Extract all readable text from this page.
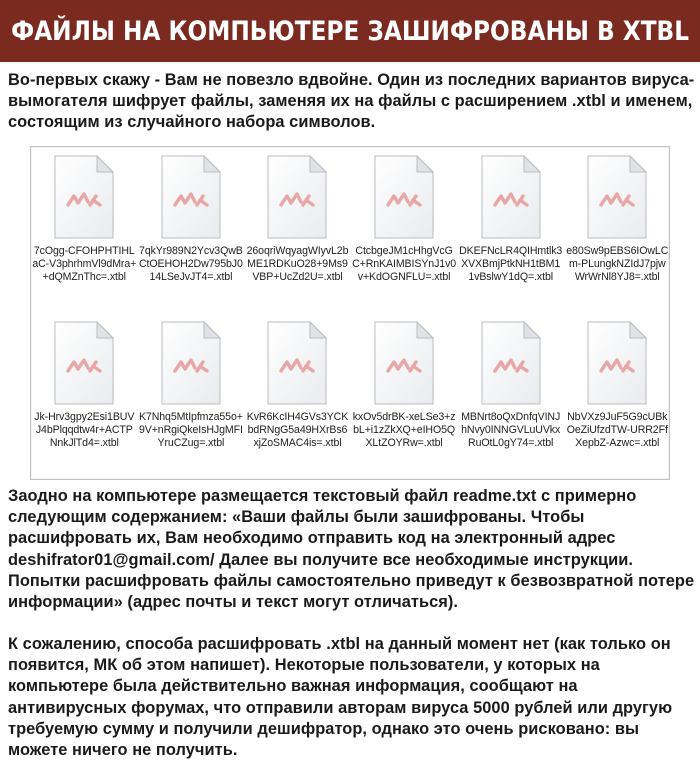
ФАЙЛЫ НА КОМПЬЮТЕРЕ ЗАШИФРОВАНЫ В XTBL
Во-первых скажу - Вам не повезло вдвойне. Один из последних вариантов вируса-вымогателя шифрует файлы, заменяя их на файлы с расширением .xtbl и именем, состоящим из случайного набора символов.
7cOgg-CFOHPHTIHLaC-V3phrhmVl9dMra++dQMZnThc=.xtbl
7qkYr989N2Ycv3QwBCtOEHOH2Dw795bJ014LSeJvJT4=.xtbl
26oqriWqyagWIyvL2bME1RDKuO28+9Ms9VBP+UcZd2U=.xtbl
CtcbgeJM1cHhgVcGC+RnKAIMBISYnJ1v0v+KdOGNFLU=.xtbl
DKEFNcLR4QIHmtlk3XVXBmjPtkNH1tBM11vBslwY1dQ=.xtbl
e80Sw9pEBS6IOwLCm-PLungkNZIdJ7pjwWrWrNl8YJ8=.xtbl
Jk-Hrv3gpy2Esi1BUVJ4bPlqqdtw4r+ACTPNnkJlTd4=.xtbl
K7Nhq5MtIpfmza55o+9V+nRgiQkeIsHJgMFIYruCZug=.xtbl
KvR6KcIH4GVs3YCKbdRNgG5a49HXrBs6xjZoSMAC4is=.xtbl
kxOv5drBK-xeLSe3+zbL+i1zZkXQ+eIHO5QXLtZOYRw=.xtbl
MBNrt8oQxDnfqVINJhNvy0INNGVLuUVkxRuOtL0gY74=.xtbl
NbVXz9JuF5G9cUBkOeZiUfzdTW-URR2FfXepbZ-Azwc=.xtbl
Заодно на компьютере размещается текстовый файл readme.txt с примерно следующим содержанием: «Ваши файлы были зашифрованы. Чтобы расшифровать их, Вам необходимо отправить код на электронный адрес deshifrator01@gmail.com/ Далее вы получите все необходимые инструкции. Попытки расшифровать файлы самостоятельно приведут к безвозвратной потере информации» (адрес почты и текст могут отличаться).
К сожалению, способа расшифровать .xtbl на данный момент нет (как только он появится, МК об этом напишет). Некоторые пользователи, у которых на компьютере была действительно важная информация, сообщают на антивирусных форумах, что отправили авторам вируса 5000 рублей или другую требуемую сумму и получили дешифратор, однако это очень рисковано: вы можете ничего не получить.
